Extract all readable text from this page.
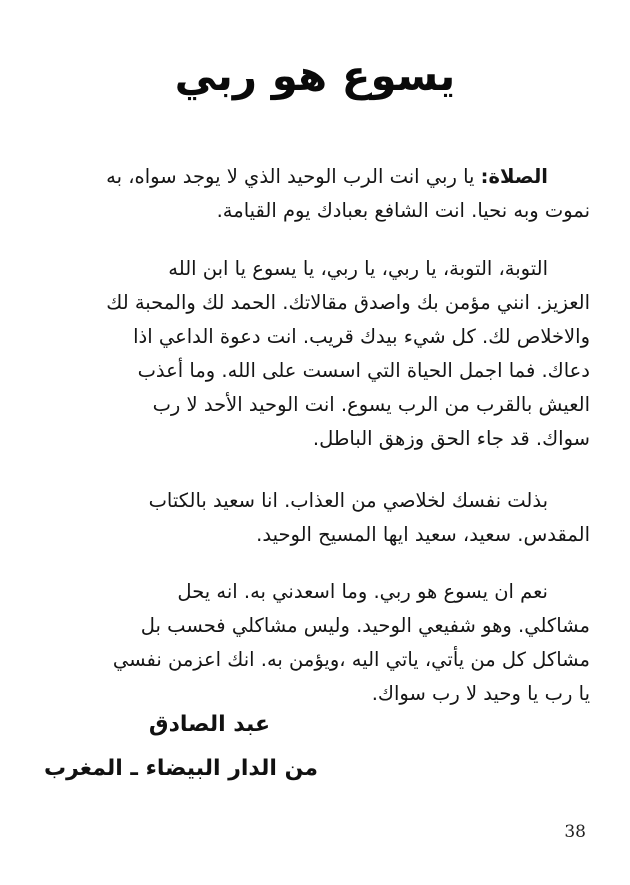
يسوع هو ربي
الصلاة: يا ربي انت الرب الوحيد الذي لا يوجد سواه، به
نموت وبه نحيا. انت الشافع بعبادك يوم القيامة.
التوبة، التوبة، يا ربي، يا ربي، يا يسوع يا ابن الله
العزيز. انني مؤمن بك واصدق مقالاتك. الحمد لك والمحبة لك
والاخلاص لك. كل شيء بيدك قريب. انت دعوة الداعي اذا
دعاك. فما اجمل الحياة التي اسست على الله. وما أعذب
العيش بالقرب من الرب يسوع. انت الوحيد الأحد لا رب
سواك. قد جاء الحق وزهق الباطل.
بذلت نفسك لخلاصي من العذاب. انا سعيد بالكتاب
المقدس. سعيد، سعيد ايها المسيح الوحيد.
نعم ان يسوع هو ربي. وما اسعدني به. انه يحل
مشاكلي. وهو شفيعي الوحيد. وليس مشاكلي فحسب بل
مشاكل كل من يأتي، ياتي اليه ،ويؤمن به. انك اعزمن نفسي
يا رب يا وحيد لا رب سواك.
عبد الصادق
من الدار البيضاء ـ المغرب
38
